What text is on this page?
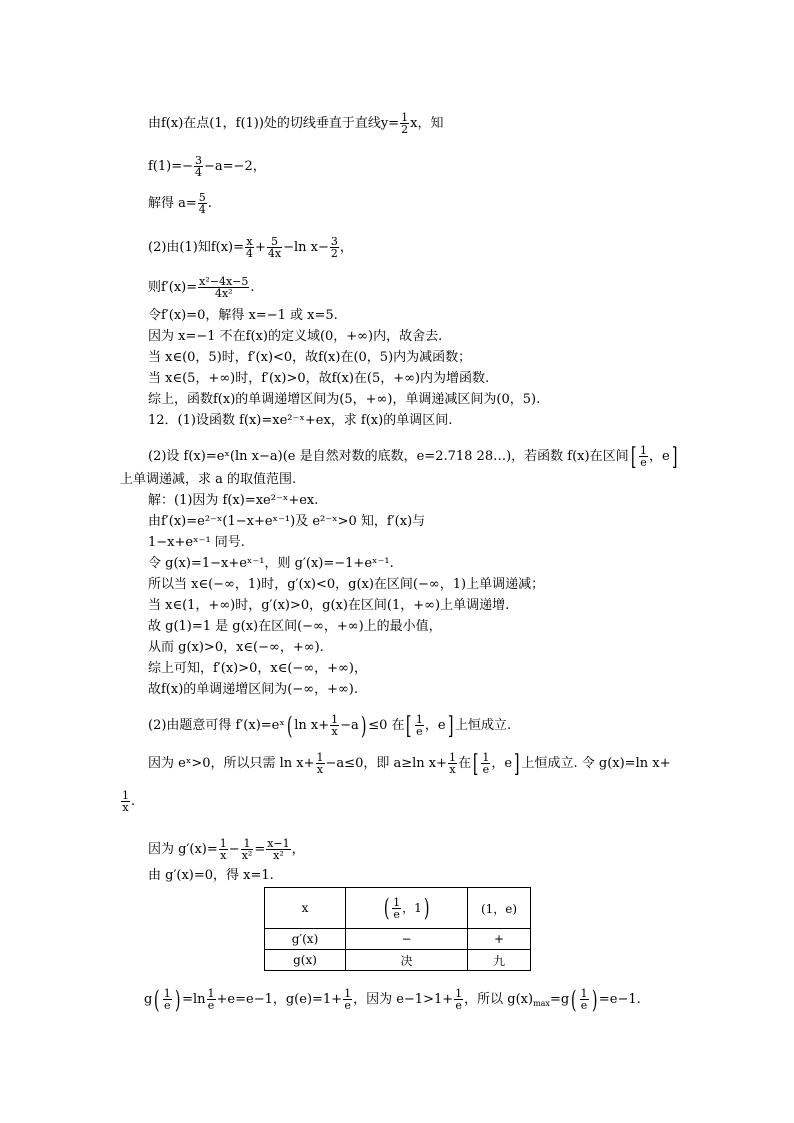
由f(x)在点(1，f(1))处的切线垂直于直线$y= \frac{1}{2}$ x，知
$f(1)=- \frac{3}{4} -a=-2$，
解得 $a= \frac{5}{4}$ .
(2)由(1)知$f(x)= \frac{x}{4} + \frac{5}{4x} -\ln$ $x- \frac{3}{2}$ ，
则$f'(x)= \frac{\text{x²−4x−5}}{\text{4x²}}$ .
令f′(x)=0，解得 x=−1 或 x=5.
因为 x=−1 不在f(x)的定义域(0，+∞)内，故舍去.
当 x∈(0，5)时，f′(x)<0，故f(x)在(0，5)内为减函数；
当 x∈(5，+∞)时，f′(x)>0，故f(x)在(5，+∞)内为增函数.
综上，函数f(x)的单调递增区间为(5，+∞)，单调递减区间为(0，5).
12．(1)设函数 f(x)=xe²⁻ˣ+ex，求 f(x)的单调区间.
(2)设 f(x)=eˣ(ln x−a)(e 是自然对数的底数，e=2.718 28…)，若函数 f(x)在区间[ $\frac{1}{e}$ ，e]
上单调递减，求 a 的取值范围.
解：(1)因为 f(x)=xe²⁻ˣ+ex.
由f′(x)=e²⁻ˣ(1−x+eˣ⁻¹)及 e²⁻ˣ>0 知，f′(x)与
1−x+eˣ⁻¹ 同号.
令 g(x)=1−x+eˣ⁻¹，则 g′(x)=−1+eˣ⁻¹.
所以当 x∈(−∞，1)时，g′(x)<0，g(x)在区间(−∞，1)上单调递减；
当 x∈(1，+∞)时，g′(x)>0，g(x)在区间(1，+∞)上单调递增.
故 g(1)=1 是 g(x)在区间(−∞，+∞)上的最小值，
从而 g(x)>0，x∈(−∞，+∞).
综上可知，f′(x)>0，x∈(−∞，+∞)，
故f(x)的单调递增区间为(−∞，+∞).
(2)由题意可得 f′(x)=eˣ( $\ln x+ \frac{1}{x} -a) \le 0$ 在[ $\frac{1}{e}$ ，e] 上恒成立.
因为 eˣ>0，所以只需 $\ln x+ \frac{1}{x} -a\le 0$，即 a≥ln $x+ \frac{1}{x}$ 在[ $\frac{1}{e}$ ，e] 上恒成立. 令 g(x)=ln x+
$\frac{1}{x}$ .
因为 $g'(x)= \frac{1}{x} - \frac{1}{\text{x²}} = \frac{x-1}{\text{x²}}$ ，
由 g′(x)=0，得 x=1.
x	( $\frac{1}{e}$ ，1)	(1，e)
g′(x)	−	+
g(x)	决	九
$g( \frac{1}{e}$ ) $=\ln \frac{1}{e} +e=e-1$，$g(e)=1+ \frac{1}{e}$ ，因为 $e-1>1+ \frac{1}{e}$ ，所以 $g(x)_{max}=g( \frac{1}{e}$ ) =e−1.
